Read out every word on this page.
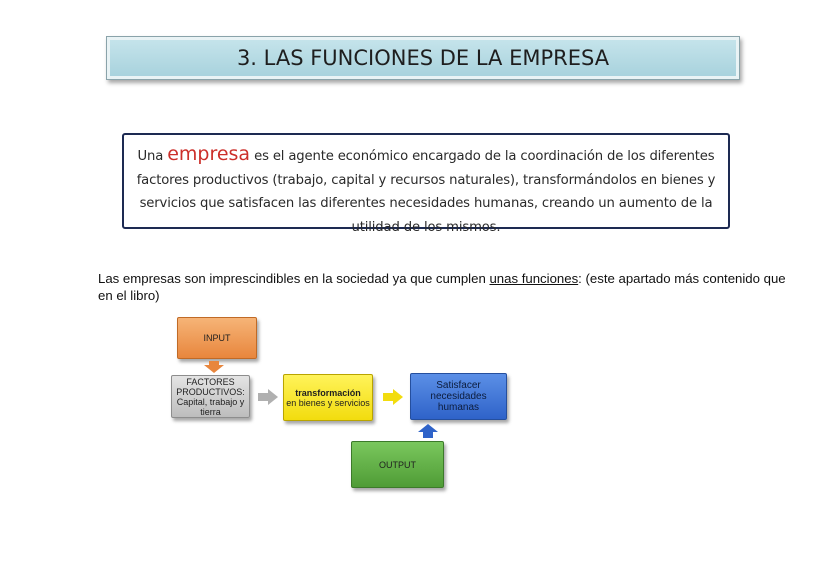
3. LAS FUNCIONES DE LA EMPRESA
Una empresa es el agente económico encargado de la coordinación de los diferentes factores productivos (trabajo, capital y recursos naturales), transformándolos en bienes y servicios que satisfacen las diferentes necesidades humanas, creando un aumento de la utilidad de los mismos.
Las empresas son imprescindibles en la sociedad ya que cumplen unas funciones: (este apartado más contenido que en el libro)
INPUT
FACTORES PRODUCTIVOS: Capital, trabajo y tierra
transformación
en bienes y servicios
Satisfacer necesidades humanas
OUTPUT
